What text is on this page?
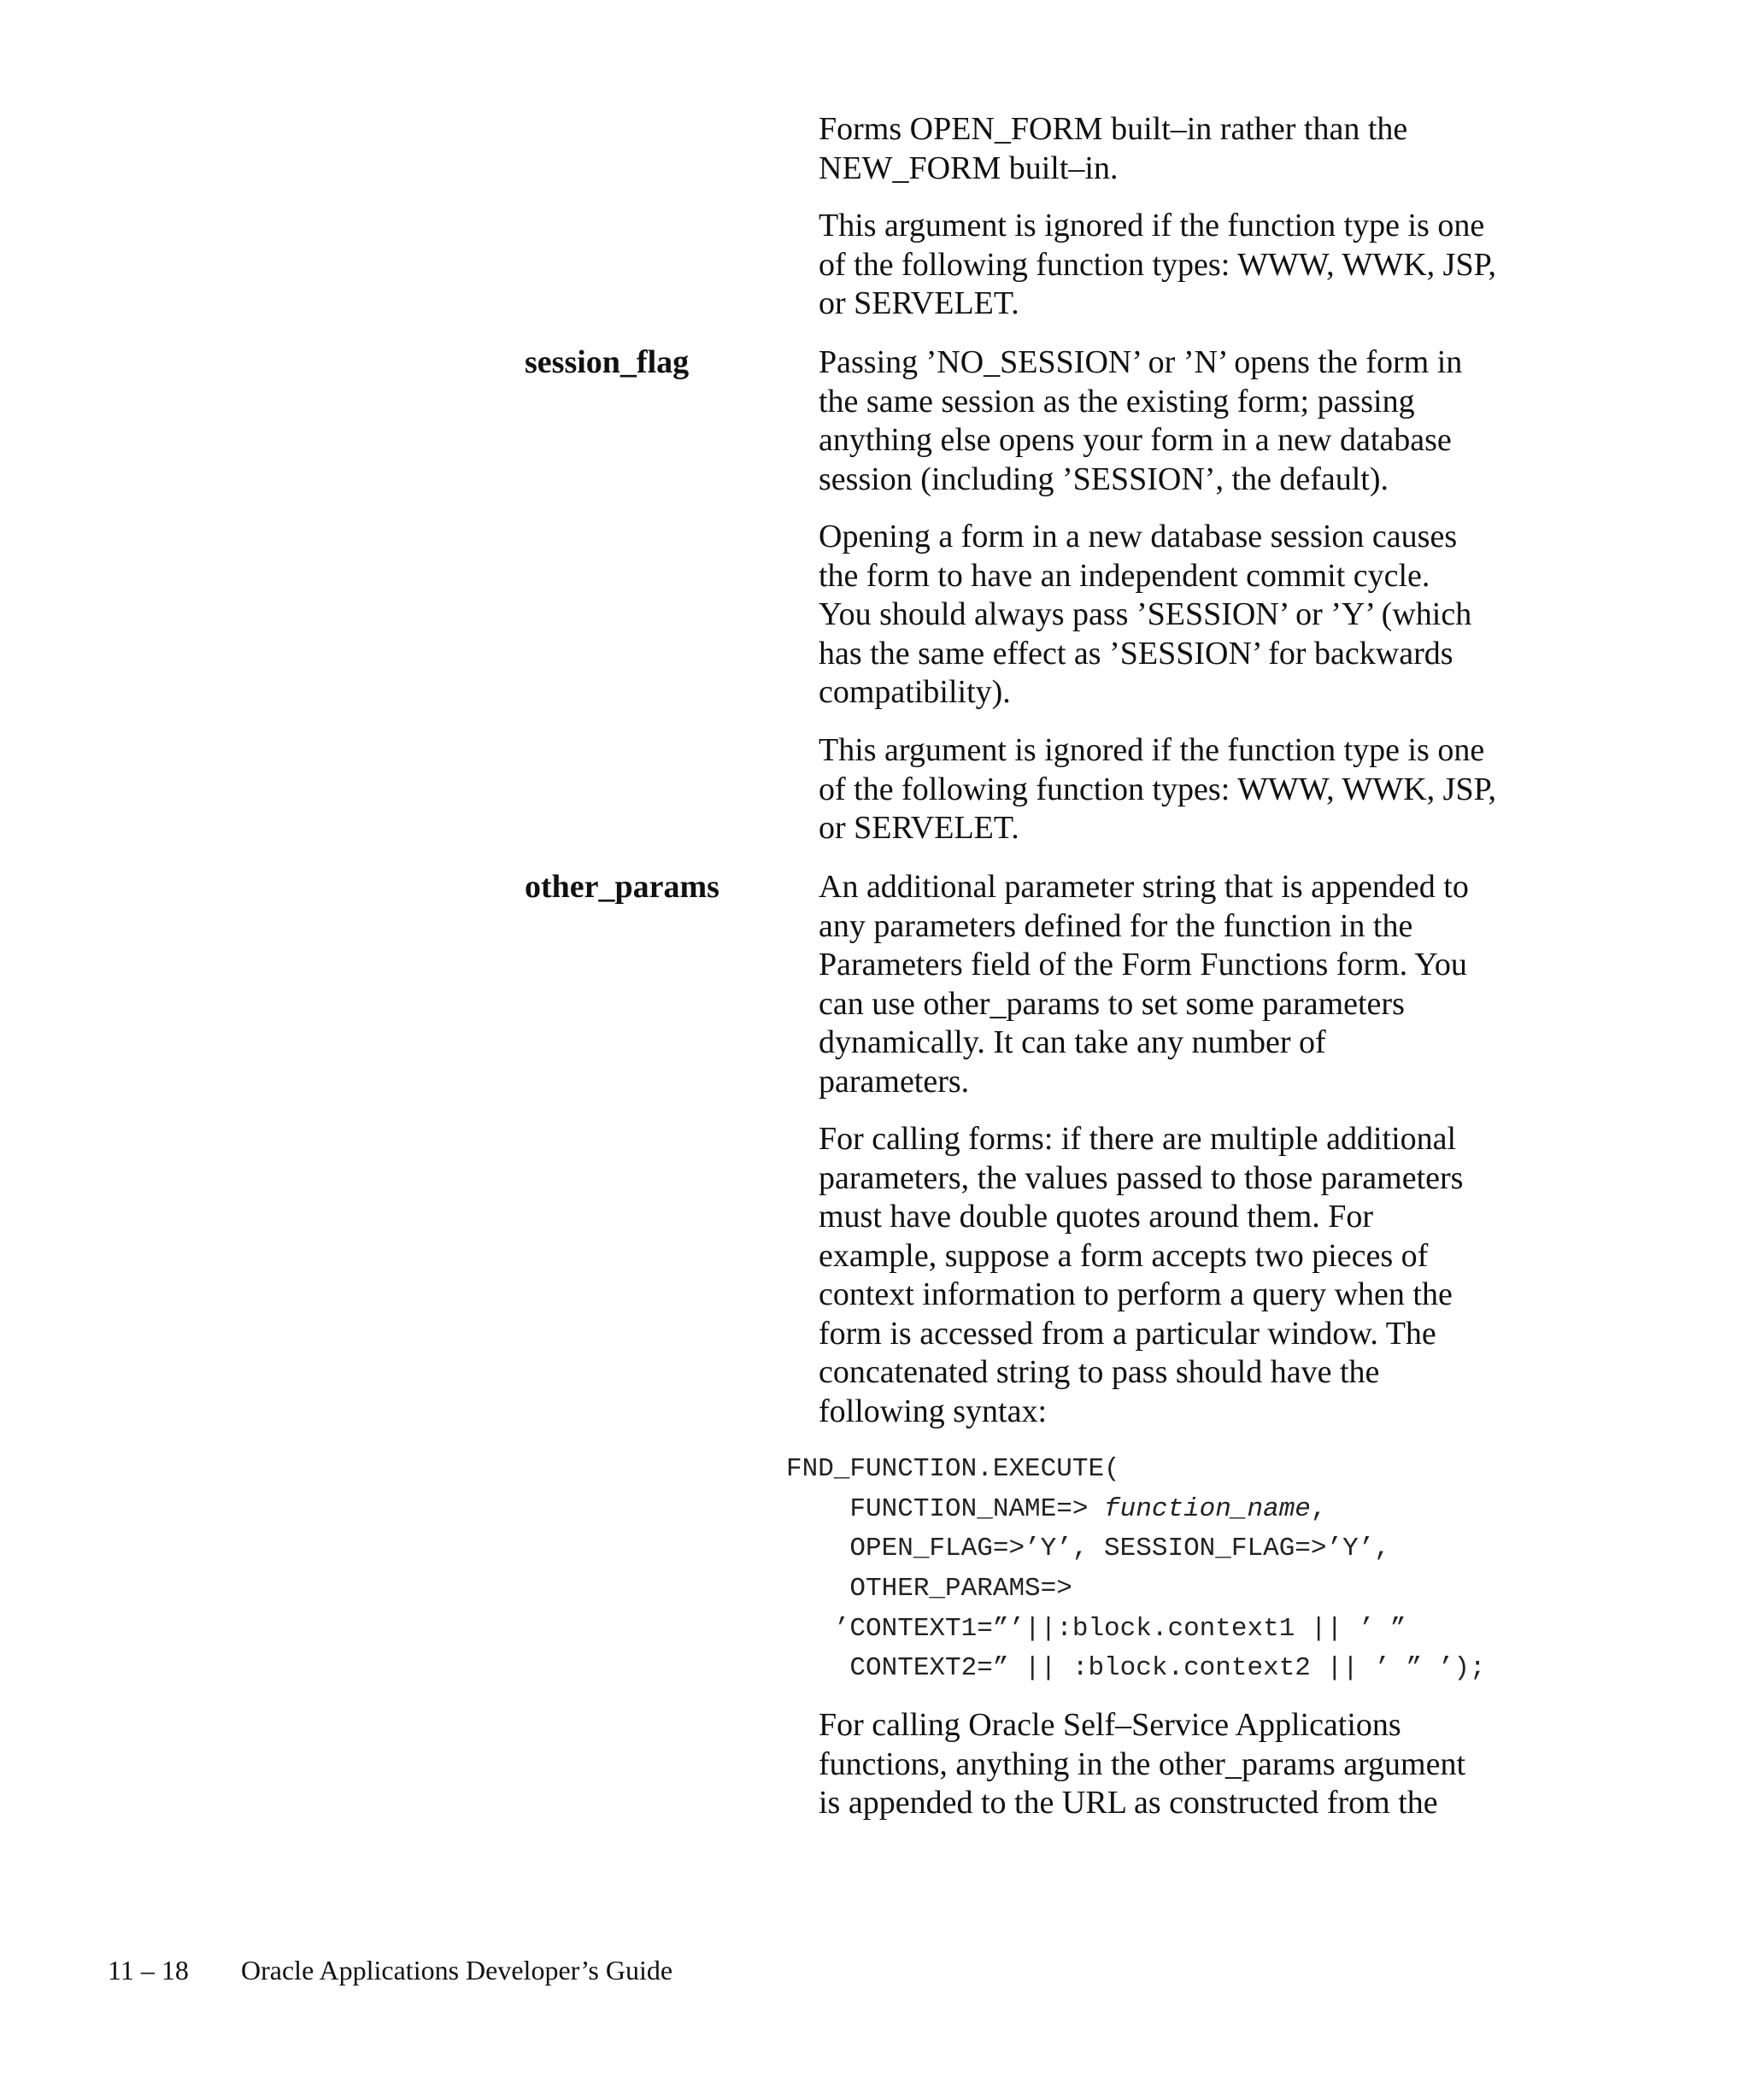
Forms OPEN_FORM built–in rather than the
NEW_FORM built–in.

This argument is ignored if the function type is one
of the following function types: WWW, WWK, JSP,
or SERVELET.

session_flag	Passing ’NO_SESSION’ or ’N’ opens the form in
the same session as the existing form; passing
anything else opens your form in a new database
session (including ’SESSION’, the default).

Opening a form in a new database session causes
the form to have an independent commit cycle.
You should always pass ’SESSION’ or ’Y’ (which
has the same effect as ’SESSION’ for backwards
compatibility).

This argument is ignored if the function type is one
of the following function types: WWW, WWK, JSP,
or SERVELET.

other_params	An additional parameter string that is appended to
any parameters defined for the function in the
Parameters field of the Form Functions form. You
can use other_params to set some parameters
dynamically. It can take any number of
parameters.

For calling forms: if there are multiple additional
parameters, the values passed to those parameters
must have double quotes around them. For
example, suppose a form accepts two pieces of
context information to perform a query when the
form is accessed from a particular window. The
concatenated string to pass should have the
following syntax:

FND_FUNCTION.EXECUTE(
FUNCTION_NAME=> function_name,
OPEN_FLAG=>’Y’, SESSION_FLAG=>’Y’,
OTHER_PARAMS=>
’CONTEXT1=”’||:block.context1 || ’ ”
CONTEXT2=” || :block.context2 || ’ ” ’);

For calling Oracle Self–Service Applications
functions, anything in the other_params argument
is appended to the URL as constructed from the

11 – 18 Oracle Applications Developer’s Guide
